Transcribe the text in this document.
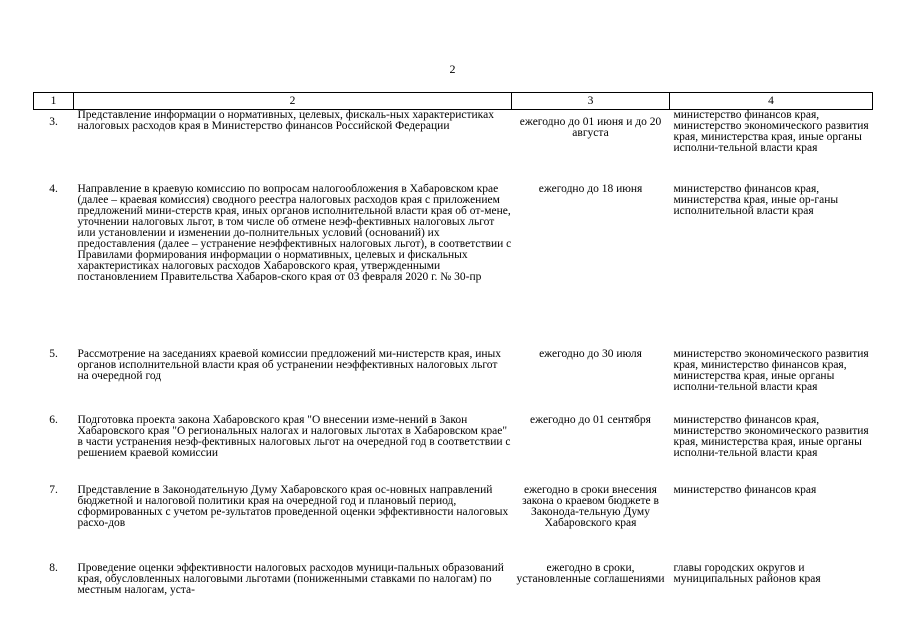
2
1	2	3	4
3.	Представление информации о нормативных, целевых, фискаль-ных характеристиках налоговых расходов края в Министерство финансов Российской Федерации	ежегодно до 01 июня и до 20 августа	министерство финансов края, министерство экономического развития края, министерства края, иные органы исполни-тельной власти края
4.	Направление в краевую комиссию по вопросам налогообложения в Хабаровском крае (далее – краевая комиссия) сводного реестра налоговых расходов края с приложением предложений мини-стерств края, иных органов исполнительной власти края об от-мене, уточнении налоговых льгот, в том числе об отмене неэф-фективных налоговых льгот или установлении и изменении до-полнительных условий (оснований) их предоставления (далее – устранение неэффективных налоговых льгот), в соответствии с Правилами формирования информации о нормативных, целевых и фискальных характеристиках налоговых расходов Хабаровского края, утвержденными постановлением Правительства Хабаров-ского края от 03 февраля 2020 г. № 30-пр	ежегодно до 18 июня	министерство финансов края, министерства края, иные ор-ганы исполнительной власти края
5.	Рассмотрение на заседаниях краевой комиссии предложений ми-нистерств края, иных органов исполнительной власти края об устранении неэффективных налоговых льгот на очередной год	ежегодно до 30 июля	министерство экономического развития края, министерство финансов края, министерства края, иные органы исполни-тельной власти края
6.	Подготовка проекта закона Хабаровского края "О внесении изме-нений в Закон Хабаровского края "О региональных налогах и налоговых льготах в Хабаровском крае" в части устранения неэф-фективных налоговых льгот на очередной год в соответствии с решением краевой комиссии	ежегодно до 01 сентября	министерство финансов края, министерство экономического развития края, министерства края, иные органы исполни-тельной власти края
7.	Представление в Законодательную Думу Хабаровского края ос-новных направлений бюджетной и налоговой политики края на очередной год и плановый период, сформированных с учетом ре-зультатов проведенной оценки эффективности налоговых расхо-дов	ежегодно в сроки внесения закона о краевом бюджете в Законода-тельную Думу Хабаровского края	министерство финансов края
8.	Проведение оценки эффективности налоговых расходов муници-пальных образований края, обусловленных налоговыми льготами (пониженными ставками по налогам) по местным налогам, уста-	ежегодно в сроки, установленные соглашениями	главы городских округов и муниципальных районов края
